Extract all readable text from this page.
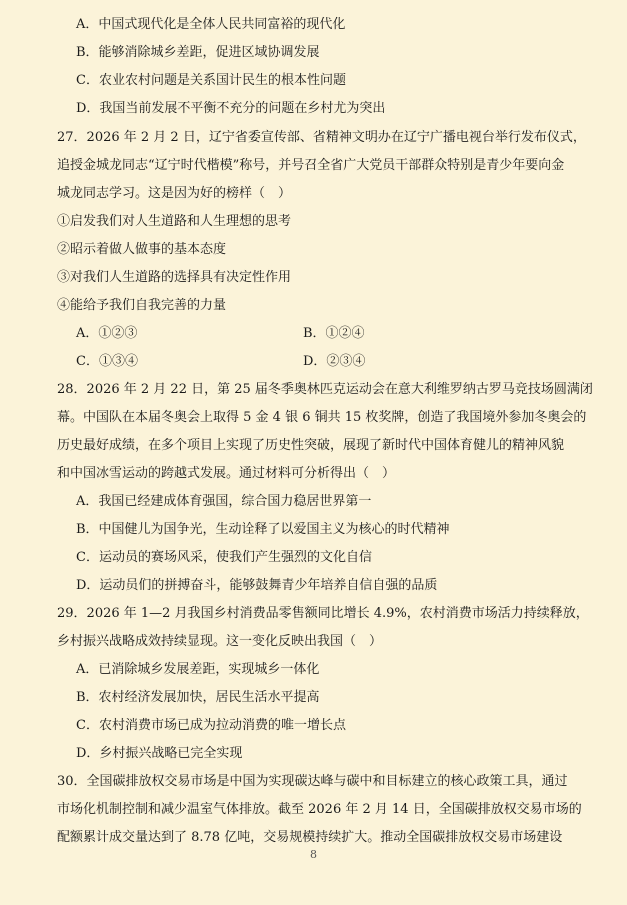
A．中国式现代化是全体人民共同富裕的现代化
B．能够消除城乡差距，促进区域协调发展
C．农业农村问题是关系国计民生的根本性问题
D．我国当前发展不平衡不充分的问题在乡村尤为突出
27．2026 年 2 月 2 日，辽宁省委宣传部、省精神文明办在辽宁广播电视台举行发布仪式，
追授金城龙同志“辽宁时代楷模”称号，并号召全省广大党员干部群众特别是青少年要向金
城龙同志学习。这是因为好的榜样（　）
①启发我们对人生道路和人生理想的思考
②昭示着做人做事的基本态度
③对我们人生道路的选择具有决定性作用
④能给予我们自我完善的力量
A．①②③	B．①②④
C．①③④	D．②③④
28．2026 年 2 月 22 日，第 25 届冬季奥林匹克运动会在意大利维罗纳古罗马竞技场圆满闭
幕。中国队在本届冬奥会上取得 5 金 4 银 6 铜共 15 枚奖牌，创造了我国境外参加冬奥会的
历史最好成绩，在多个项目上实现了历史性突破，展现了新时代中国体育健儿的精神风貌
和中国冰雪运动的跨越式发展。通过材料可分析得出（　）
A．我国已经建成体育强国，综合国力稳居世界第一
B．中国健儿为国争光，生动诠释了以爱国主义为核心的时代精神
C．运动员的赛场风采，使我们产生强烈的文化自信
D．运动员们的拼搏奋斗，能够鼓舞青少年培养自信自强的品质
29．2026 年 1—2 月我国乡村消费品零售额同比增长 4.9%，农村消费市场活力持续释放，
乡村振兴战略成效持续显现。这一变化反映出我国（　）
A．已消除城乡发展差距，实现城乡一体化
B．农村经济发展加快，居民生活水平提高
C．农村消费市场已成为拉动消费的唯一增长点
D．乡村振兴战略已完全实现
30．全国碳排放权交易市场是中国为实现碳达峰与碳中和目标建立的核心政策工具，通过
市场化机制控制和减少温室气体排放。截至 2026 年 2 月 14 日，全国碳排放权交易市场的
配额累计成交量达到了 8.78 亿吨，交易规模持续扩大。推动全国碳排放权交易市场建设
8
